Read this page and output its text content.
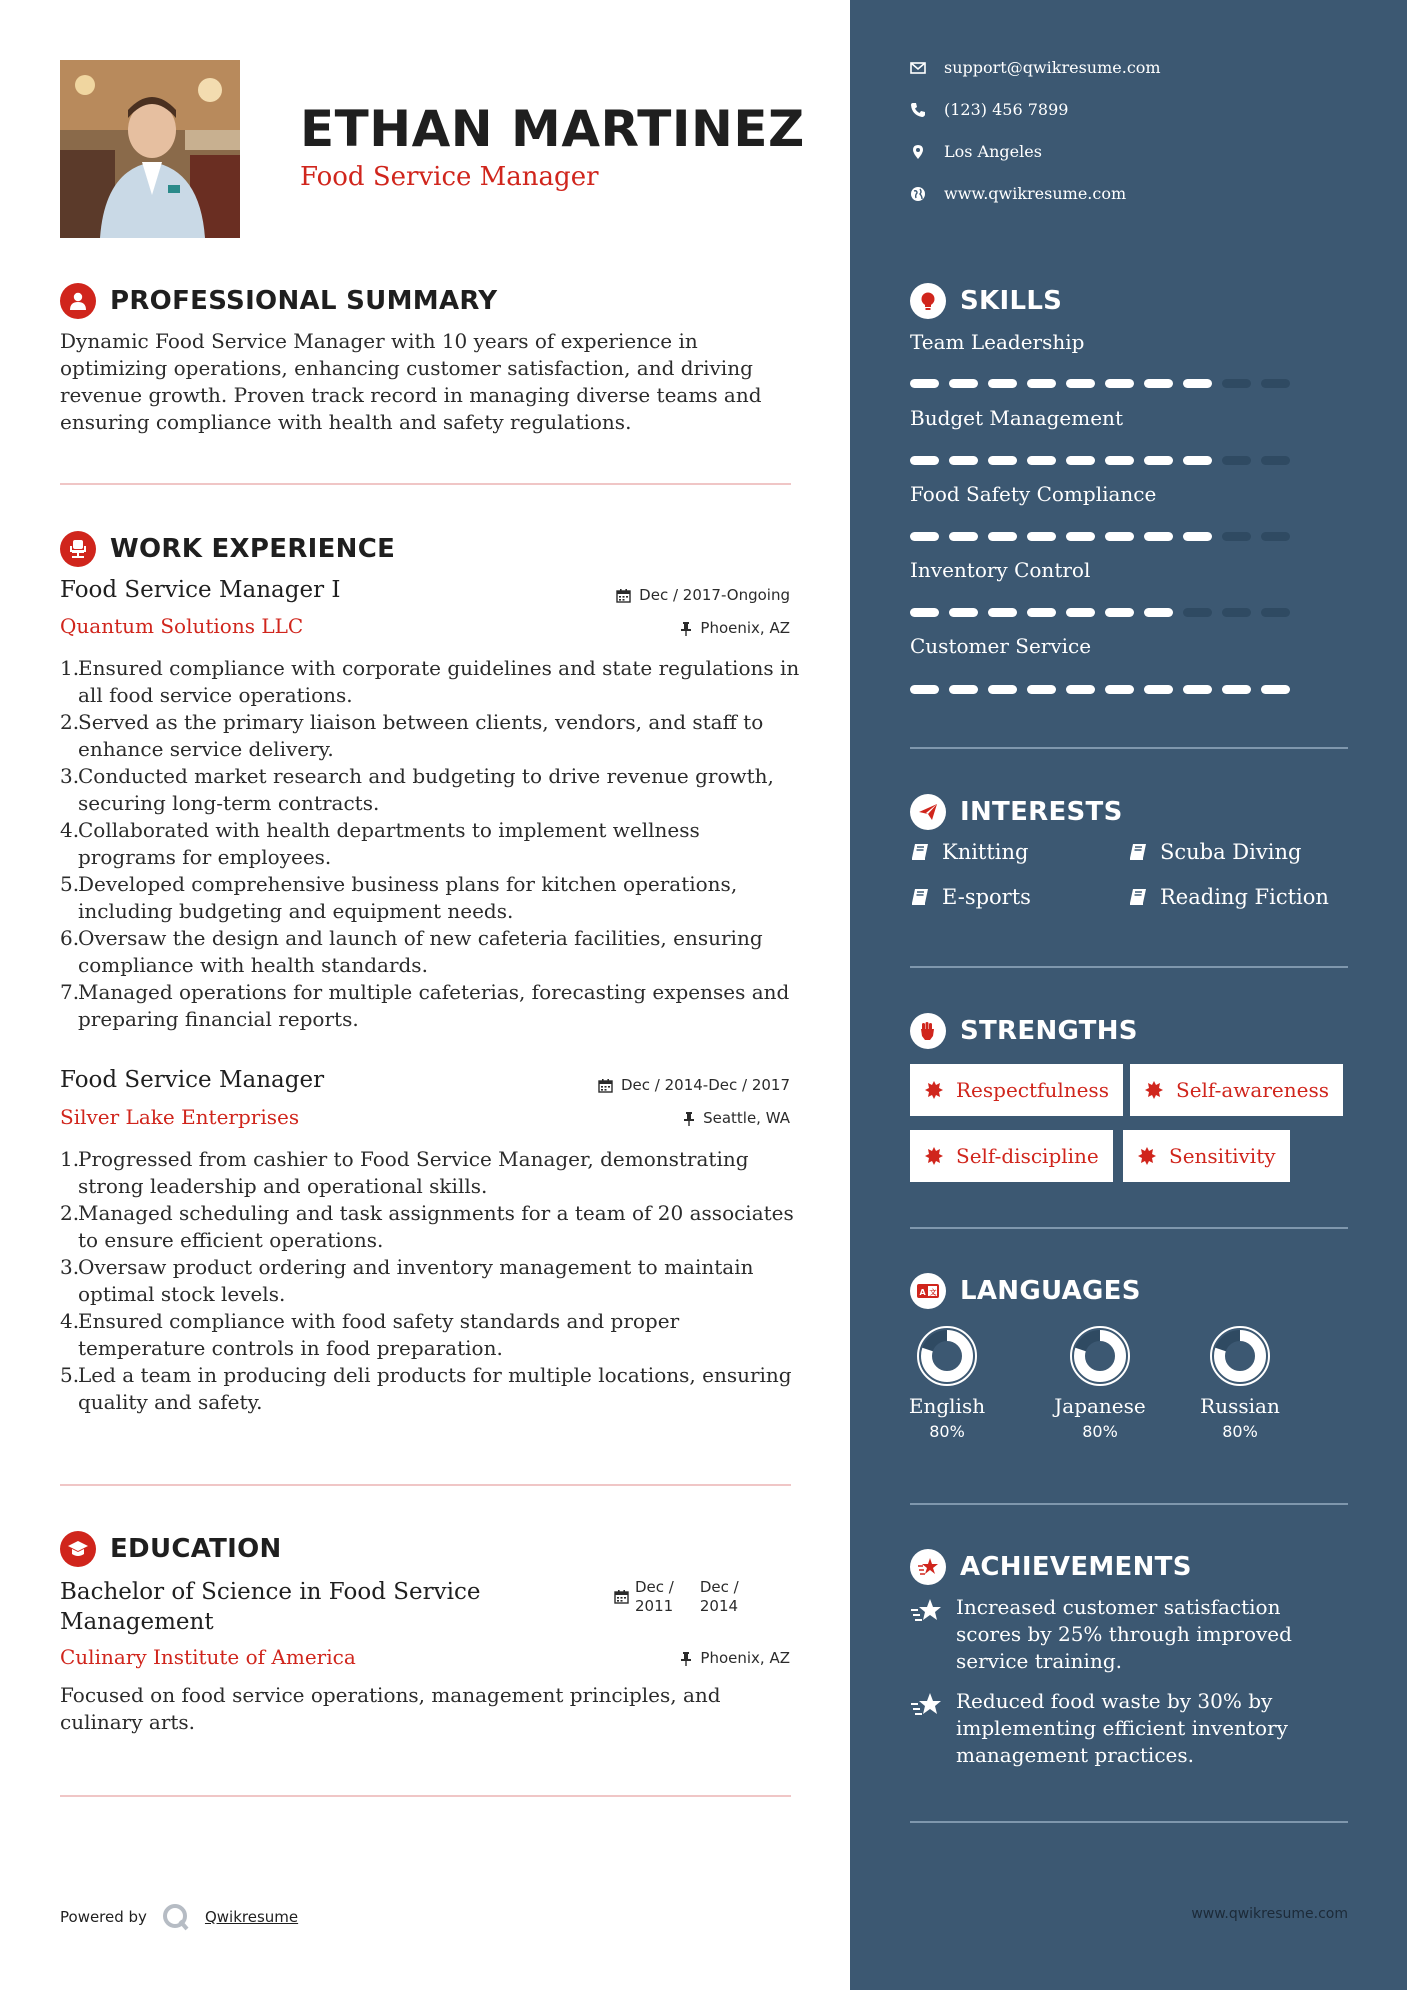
ETHAN MARTINEZ
Food Service Manager
PROFESSIONAL SUMMARY
Dynamic Food Service Manager with 10 years of experience in optimizing operations, enhancing customer satisfaction, and driving revenue growth. Proven track record in managing diverse teams and ensuring compliance with health and safety regulations.
WORK EXPERIENCE
Food Service Manager I	Dec / 2017-Ongoing
Quantum Solutions LLC	Phoenix, AZ
Ensured compliance with corporate guidelines and state regulations in all food service operations.
Served as the primary liaison between clients, vendors, and staff to enhance service delivery.
Conducted market research and budgeting to drive revenue growth, securing long-term contracts.
Collaborated with health departments to implement wellness programs for employees.
Developed comprehensive business plans for kitchen operations, including budgeting and equipment needs.
Oversaw the design and launch of new cafeteria facilities, ensuring compliance with health standards.
Managed operations for multiple cafeterias, forecasting expenses and preparing financial reports.
Food Service Manager	Dec / 2014-Dec / 2017
Silver Lake Enterprises	Seattle, WA
Progressed from cashier to Food Service Manager, demonstrating strong leadership and operational skills.
Managed scheduling and task assignments for a team of 20 associates to ensure efficient operations.
Oversaw product ordering and inventory management to maintain optimal stock levels.
Ensured compliance with food safety standards and proper temperature controls in food preparation.
Led a team in producing deli products for multiple locations, ensuring quality and safety.
EDUCATION
Bachelor of Science in Food Service
Management
Dec /
2011
Dec /
2014
Culinary Institute of America	Phoenix, AZ
Focused on food service operations, management principles, and culinary arts.
Powered by	Qwikresume
support@qwikresume.com
(123) 456 7899
Los Angeles
www.qwikresume.com
SKILLS
Team Leadership
Budget Management
Food Safety Compliance
Inventory Control
Customer Service
INTERESTS
Knitting	Scuba Diving
E-sports	Reading Fiction
STRENGTHS
Respectfulness	Self-awareness
Self-discipline	Sensitivity
A 文 LANGUAGES
English
80%
Japanese
80%
Russian
80%
ACHIEVEMENTS
Increased customer satisfaction scores by 25% through improved service training.
Reduced food waste by 30% by implementing efficient inventory management practices.
www.qwikresume.com
